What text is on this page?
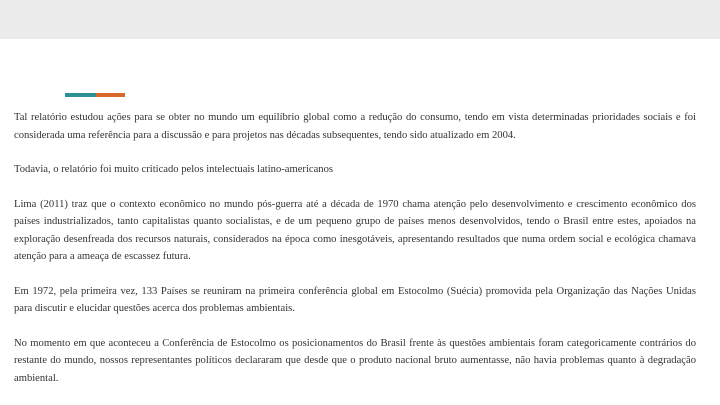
Tal relatório estudou ações para se obter no mundo um equilíbrio global como a redução do consumo, tendo em vista determinadas prioridades sociais e foi considerada uma referência para a discussão e para projetos nas décadas subsequentes, tendo sido atualizado em 2004.

Todavia, o relatório foi muito criticado pelos intelectuais latino-americanos

Lima (2011) traz que o contexto econômico no mundo pós-guerra até a década de 1970 chama atenção pelo desenvolvimento e crescimento econômico dos países industrializados, tanto capitalistas quanto socialistas, e de um pequeno grupo de países menos desenvolvidos, tendo o Brasil entre estes, apoiados na exploração desenfreada dos recursos naturais, considerados na época como inesgotáveis, apresentando resultados que numa ordem social e ecológica chamava atenção para a ameaça de escassez futura.

Em 1972, pela primeira vez, 133 Países se reuniram na primeira conferência global em Estocolmo (Suécia) promovida pela Organização das Nações Unidas para discutir e elucidar questões acerca dos problemas ambientais.

No momento em que aconteceu a Conferência de Estocolmo os posicionamentos do Brasil frente às questões ambientais foram categoricamente contrários do restante do mundo, nossos representantes políticos declararam que desde que o produto nacional bruto aumentasse, não havia problemas quanto à degradação ambiental.
